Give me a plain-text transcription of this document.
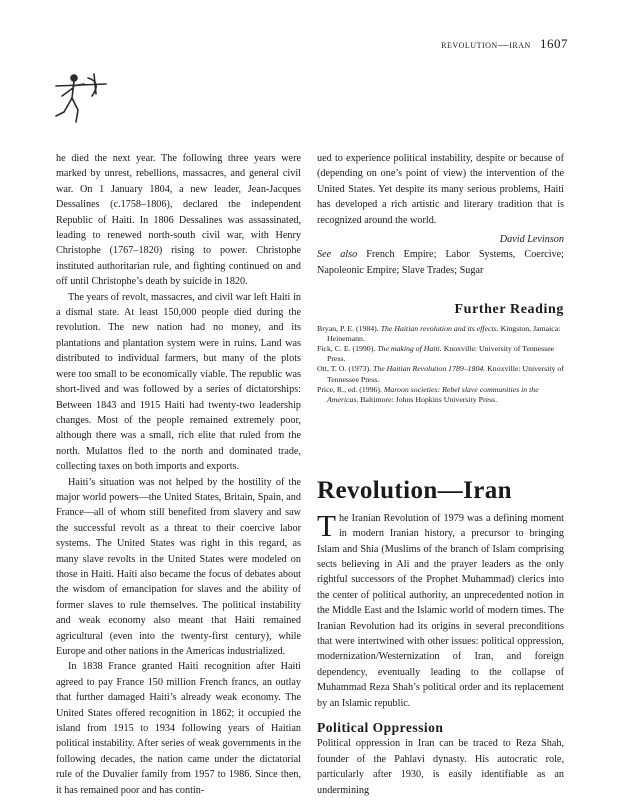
revolution—iran 1607

he died the next year. The following three years were marked by unrest, rebellions, massacres, and general civil war. On 1 January 1804, a new leader, Jean-Jacques Dessalines (c.1758–1806), declared the independent Republic of Haiti. In 1806 Dessalines was assassinated, leading to renewed north-south civil war, with Henry Christophe (1767–1820) rising to power. Christophe instituted authoritarian rule, and fighting continued on and off until Christophe’s death by suicide in 1820.

The years of revolt, massacres, and civil war left Haiti in a dismal state. At least 150,000 people died during the revolution. The new nation had no money, and its plantations and plantation system were in ruins. Land was distributed to individual farmers, but many of the plots were too small to be economically viable. The republic was short-lived and was followed by a series of dictatorships: Between 1843 and 1915 Haiti had twenty-two leadership changes. Most of the people remained extremely poor, although there was a small, rich elite that ruled from the north. Mulattos fled to the north and dominated trade, collecting taxes on both imports and exports.

Haiti’s situation was not helped by the hostility of the major world powers—the United States, Britain, Spain, and France—all of whom still benefited from slavery and saw the successful revolt as a threat to their coercive labor systems. The United States was right in this regard, as many slave revolts in the United States were modeled on those in Haiti. Haiti also became the focus of debates about the wisdom of emancipation for slaves and the ability of former slaves to rule themselves. The political instability and weak economy also meant that Haiti remained agricultural (even into the twenty-first century), while Europe and other nations in the Americas industrialized.

In 1838 France granted Haiti recognition after Haiti agreed to pay France 150 million French francs, an outlay that further damaged Haiti’s already weak economy. The United States offered recognition in 1862; it occupied the island from 1915 to 1934 following years of Haitian political instability. After series of weak governments in the following decades, the nation came under the dictatorial rule of the Duvalier family from 1957 to 1986. Since then, it has remained poor and has contin-

ued to experience political instability, despite or because of (depending on one’s point of view) the intervention of the United States. Yet despite its many serious problems, Haiti has developed a rich artistic and literary tradition that is recognized around the world.

David Levinson

See also French Empire; Labor Systems, Coercive; Napoleonic Empire; Slave Trades; Sugar

Further Reading
Bryan, P. E. (1984). The Haitian revolution and its effects. Kingston, Jamaica: Heinemann.
Fick, C. E. (1990). The making of Haiti. Knoxville: University of Tennessee Press.
Ott, T. O. (1973). The Haitian Revolution 1789–1804. Knoxville: University of Tennessee Press.
Price, R., ed. (1996). Maroon societies: Rebel slave communities in the Americas. Baltimore: Johns Hopkins University Press.
Revolution—Iran

The Iranian Revolution of 1979 was a defining moment in modern Iranian history, a precursor to bringing Islam and Shia (Muslims of the branch of Islam comprising sects believing in Ali and the prayer leaders as the only rightful successors of the Prophet Muhammad) clerics into the center of political authority, an unprecedented notion in the Middle East and the Islamic world of modern times. The Iranian Revolution had its origins in several preconditions that were intertwined with other issues: political oppression, modernization/Westernization of Iran, and foreign dependency, eventually leading to the collapse of Muhammad Reza Shah’s political order and its replacement by an Islamic republic.

Political Oppression

Political oppression in Iran can be traced to Reza Shah, founder of the Pahlavi dynasty. His autocratic role, particularly after 1930, is easily identifiable as an undermining
